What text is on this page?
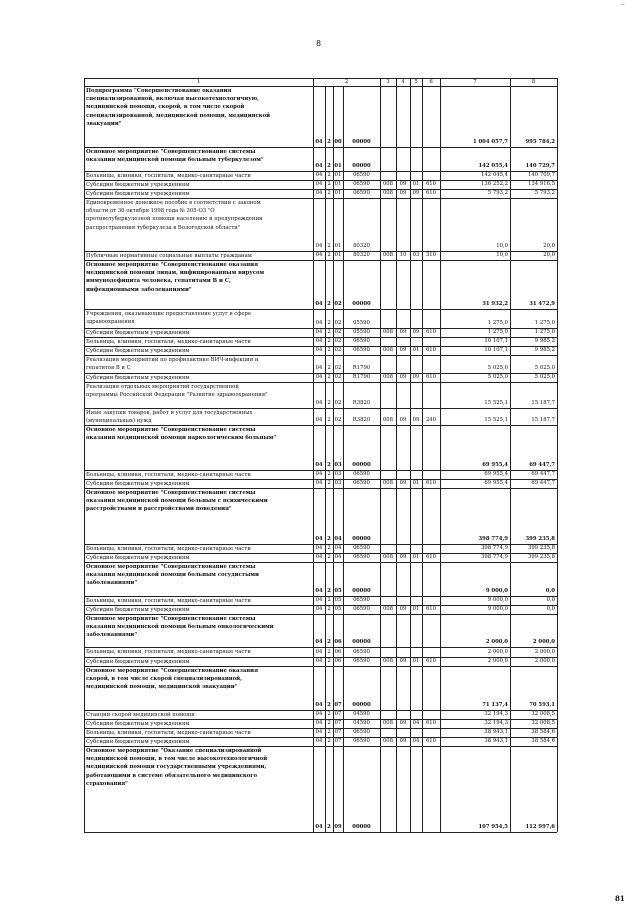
8
..
1	2	3	4	5	6	7	8
Подпрограмма "Совершенствование оказания
специализированной, включая высокотехнологичную,
медицинской помощи, скорой, в том числе скорой
специализированной, медицинской помощи, медицинской
эвакуации"
04 2 00	00000	1 004 057,7	995 784,2
Основное мероприятие "Совершенствование системы
оказания медицинской помощи больным туберкулезом"
04 2 01	00000	142 055,4	140 729,7
Больницы, клиники, госпитали, медико-санитарные части	04 2 01	06590	142 045,4	140 709,7
Субсидии бюджетным учреждениям	04 2 01	06590	008	09	01	610	136 252,2	134 916,5
Субсидии бюджетным учреждениям	04 2 01	06590	008	09	09	610	5 793,2	5 793,2
Единовременное денежное пособие в соответствии с законом
области от 30 октября 1998 года № 305-ОЗ "О
противотуберкулезной помощи населению и предупреждении
распространения туберкулеза в Вологодской области"
04 2 01	80320	10,0	20,0
Публичные нормативные социальные выплаты гражданам	04 2 01	80320	008	10	03	310	10,0	20,0
Основное мероприятие "Совершенствование оказания
медицинской помощи лицам, инфицированным вирусом
иммунодефицита человека, гепатитами В и С,
инфекционными заболеваниями"
04 2 02	00000	31 932,2	31 472,9
Учреждения, оказывающие предоставление услуг в сфере
здравоохранения	04 2 02	05590	1 275,0	1 275,0
Субсидии бюджетным учреждениям	04 2 02	05590	008	09	09	610	1 275,0	1 275,0
Больницы, клиники, госпитали, медико-санитарные части	04 2 02	06590	10 107,1	9 985,2
Субсидии бюджетным учреждениям	04 2 02	06590	008	09	01	610	10 107,1	9 985,2
Реализация мероприятий по профилактике ВИЧ-инфекции и
гепатитов В и С	04 2 02	R1790	5 025,0	5 025,0
Субсидии бюджетным учреждениям	04 2 02	R1790	008	09	09	610	5 025,0	5 025,0
Реализация отдельных мероприятий государственной
программы Российской Федерации "Развитие здравоохранения"
04 2 02	R3820	15 525,1	15 187,7
Иные закупки товаров, работ и услуг для государственных
(муниципальных) нужд	04 2 02	R3820	008	09	09	240	15 525,1	15 187,7
Основное мероприятие "Совершенствование системы
оказания медицинской помощи наркологическим больным"
04 2 03	00000	69 955,4	69 447,7
Больницы, клиники, госпитали, медико-санитарные части	04 2 03	06590	69 955,4	69 447,7
Субсидии бюджетным учреждениям	04 2 03	06590	008	09	01	610	69 955,4	69 447,7
Основное мероприятие "Совершенствование системы
оказания медицинской помощи больным с психическими
расстройствами и расстройствами поведения"
04 2 04	00000	398 774,9	399 235,8
Больницы, клиники, госпитали, медико-санитарные части	04 2 04	06590	398 774,9	399 235,8
Субсидии бюджетным учреждениям	04 2 04	06590	008	09	01	610	398 774,9	399 235,8
Основное мероприятие "Совершенствование системы
оказания медицинской помощи больным сосудистыми
заболеваниями"
04 2 05	00000	9 000,0	0,0
Больницы, клиники, госпитали, медико-санитарные части	04 2 05	06590	9 000,0	0,0
Субсидии бюджетным учреждениям	04 2 05	06590	008	09	01	610	9 000,0	0,0
Основное мероприятие "Совершенствование системы
оказания медицинской помощи больным онкологическими
заболеваниями"
04 2 06	00000	2 000,0	2 000,0
Больницы, клиники, госпитали, медико-санитарные части	04 2 06	06590	2 000,0	2 000,0
Субсидии бюджетным учреждениям	04 2 06	06590	008	09	01	610	2 000,0	2 000,0
Основное мероприятие "Совершенствование оказания
скорой, в том числе скорой специализированной,
медицинской помощи, медицинской эвакуации"
04 2 07	00000	71 137,4	70 593,1
Станции скорой медицинской помощи	04 2 07	04590	32 194,3	32 008,5
Субсидии бюджетным учреждениям	04 2 07	04590	008	09	04	610	32 194,3	32 008,5
Больницы, клиники, госпитали, медико-санитарные части	04 2 07	06590	38 943,1	38 584,6
Субсидии бюджетным учреждениям	04 2 07	06590	008	09	04	610	38 943,1	38 584,6
Основное мероприятие "Оказание специализированной
медицинской помощи, в том числе высокотехнологичной
медицинской помощи государственными учреждениями,
работающими в системе обязательного медицинского
страхования"
04 2 09	00000	107 954,5	112 997,6
81
